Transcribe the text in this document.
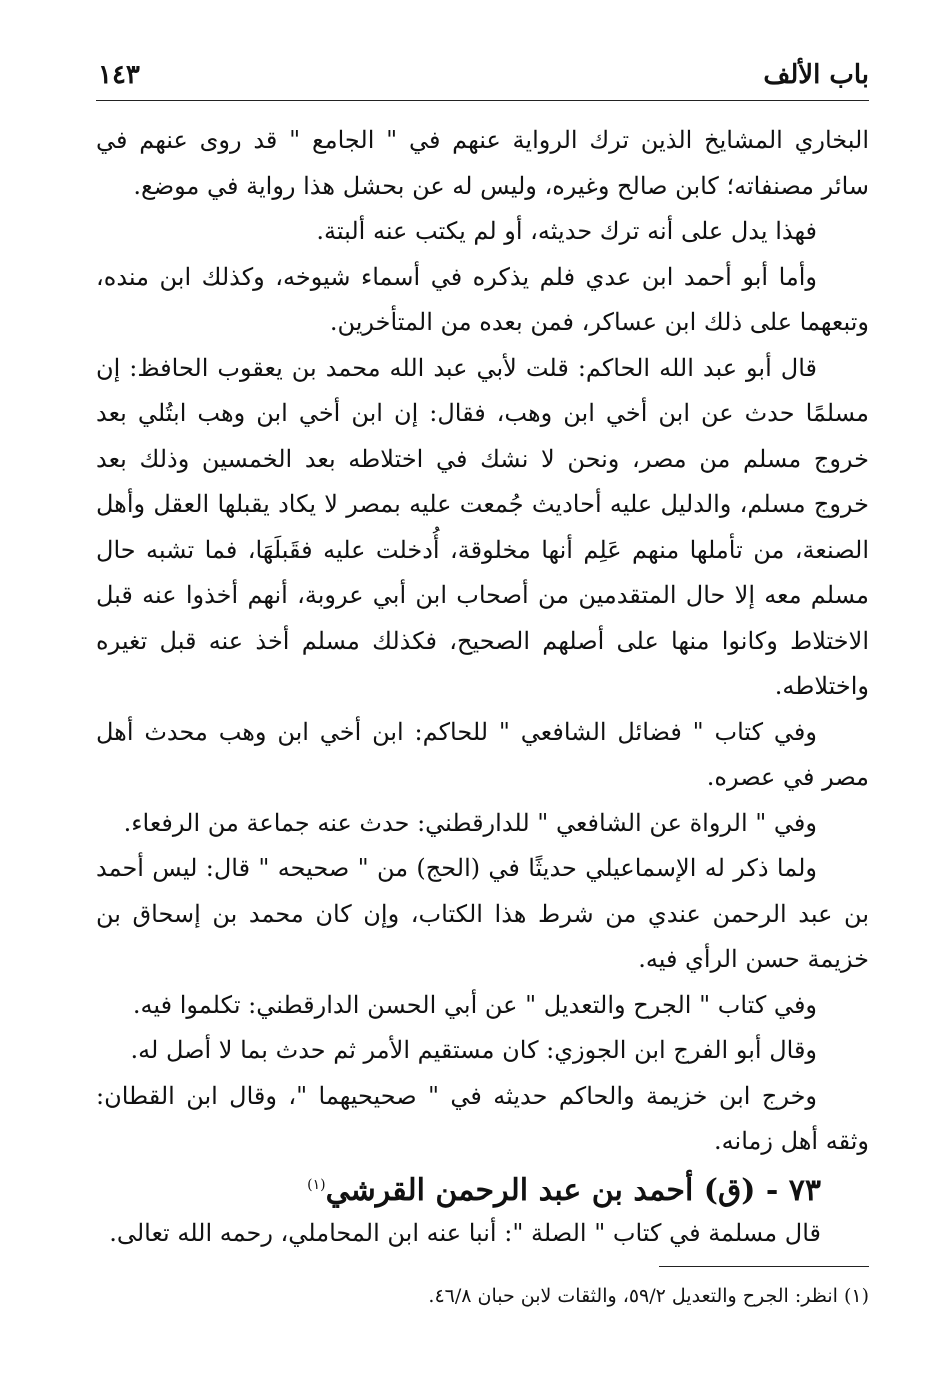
باب الألف
١٤٣

البخاري المشايخ الذين ترك الرواية عنهم في " الجامع " قد روى عنهم في سائر مصنفاته؛ كابن صالح وغيره، وليس له عن بحشل هذا رواية في موضع.

فهذا يدل على أنه ترك حديثه، أو لم يكتب عنه ألبتة.

وأما أبو أحمد ابن عدي فلم يذكره في أسماء شيوخه، وكذلك ابن منده، وتبعهما على ذلك ابن عساكر، فمن بعده من المتأخرين.

قال أبو عبد الله الحاكم: قلت لأبي عبد الله محمد بن يعقوب الحافظ: إن مسلمًا حدث عن ابن أخي ابن وهب، فقال: إن ابن أخي ابن وهب ابتُلي بعد خروج مسلم من مصر، ونحن لا نشك في اختلاطه بعد الخمسين وذلك بعد خروج مسلم، والدليل عليه أحاديث جُمعت عليه بمصر لا يكاد يقبلها العقل وأهل الصنعة، من تأملها منهم عَلِم أنها مخلوقة، أُدخلت عليه فقَبلَهَا، فما تشبه حال مسلم معه إلا حال المتقدمين من أصحاب ابن أبي عروبة، أنهم أخذوا عنه قبل الاختلاط وكانوا منها على أصلهم الصحيح، فكذلك مسلم أخذ عنه قبل تغيره واختلاطه.

وفي كتاب " فضائل الشافعي " للحاكم: ابن أخي ابن وهب محدث أهل مصر في عصره.

وفي " الرواة عن الشافعي " للدارقطني: حدث عنه جماعة من الرفعاء.

ولما ذكر له الإسماعيلي حديثًا في (الحج) من " صحيحه " قال: ليس أحمد بن عبد الرحمن عندي من شرط هذا الكتاب، وإن كان محمد بن إسحاق بن خزيمة حسن الرأي فيه.

وفي كتاب " الجرح والتعديل " عن أبي الحسن الدارقطني: تكلموا فيه.

وقال أبو الفرج ابن الجوزي: كان مستقيم الأمر ثم حدث بما لا أصل له.

وخرج ابن خزيمة والحاكم حديثه في " صحيحيهما "، وقال ابن القطان: وثقه أهل زمانه.

٧٣ - (ق) أحمد بن عبد الرحمن القرشي$^{(١)}$
قال مسلمة في كتاب " الصلة ": أنبا عنه ابن المحاملي، رحمه الله تعالى.
(١) انظر: الجرح والتعديل ٥٩/٢، والثقات لابن حبان ٤٦/٨.
